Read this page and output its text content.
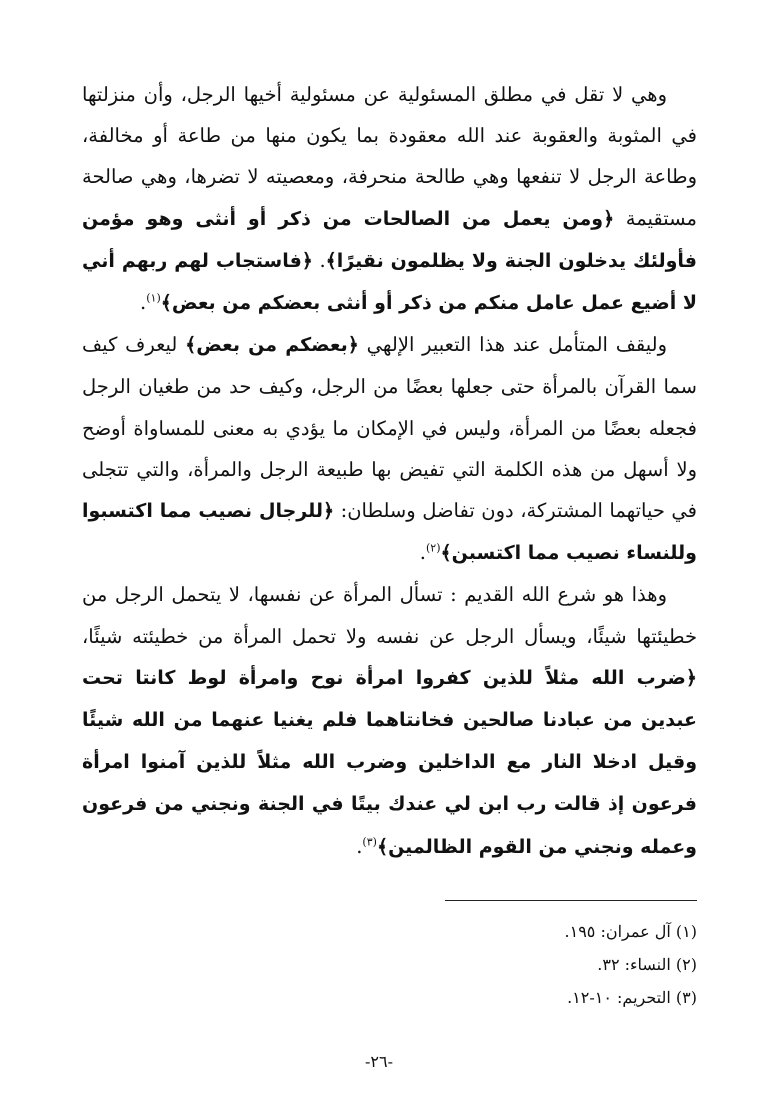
وهي لا تقل في مطلق المسئولية عن مسئولية أخيها الرجل، وأن منزلتها في المثوبة والعقوبة عند الله معقودة بما يكون منها من طاعة أو مخالفة، وطاعة الرجل لا تنفعها وهي طالحة منحرفة، ومعصيته لا تضرها، وهي صالحة مستقيمة ﴿ومن يعمل من الصالحات من ذكر أو أنثى وهو مؤمن فأولئك يدخلون الجنة ولا يظلمون نقيرًا﴾. ﴿فاستجاب لهم ربهم أني لا أضيع عمل عامل منكم من ذكر أو أنثى بعضكم من بعض﴾$^{(١)}$.

وليقف المتأمل عند هذا التعبير الإلهي ﴿بعضكم من بعض﴾ ليعرف كيف سما القرآن بالمرأة حتى جعلها بعضًا من الرجل، وكيف حد من طغيان الرجل فجعله بعضًا من المرأة، وليس في الإمكان ما يؤدي به معنى للمساواة أوضح ولا أسهل من هذه الكلمة التي تفيض بها طبيعة الرجل والمرأة، والتي تتجلى في حياتهما المشتركة، دون تفاضل وسلطان: ﴿للرجال نصيب مما اكتسبوا وللنساء نصيب مما اكتسبن﴾$^{(٢)}$.

وهذا هو شرع الله القديم : تسأل المرأة عن نفسها، لا يتحمل الرجل من خطيئتها شيئًا، ويسأل الرجل عن نفسه ولا تحمل المرأة من خطيئته شيئًا، ﴿ضرب الله مثلاً للذين كفروا امرأة نوح وامرأة لوط كانتا تحت عبدين من عبادنا صالحين فخانتاهما فلم يغنيا عنهما من الله شيئًا وقيل ادخلا النار مع الداخلين وضرب الله مثلاً للذين آمنوا امرأة فرعون إذ قالت رب ابن لي عندك بيتًا في الجنة ونجني من فرعون وعمله ونجني من القوم الظالمين﴾$^{(٣)}$.

(١) آل عمران: ١٩٥.
(٢) النساء: ٣٢.
(٣) التحريم: ١٠-١٢.
-٢٦-
